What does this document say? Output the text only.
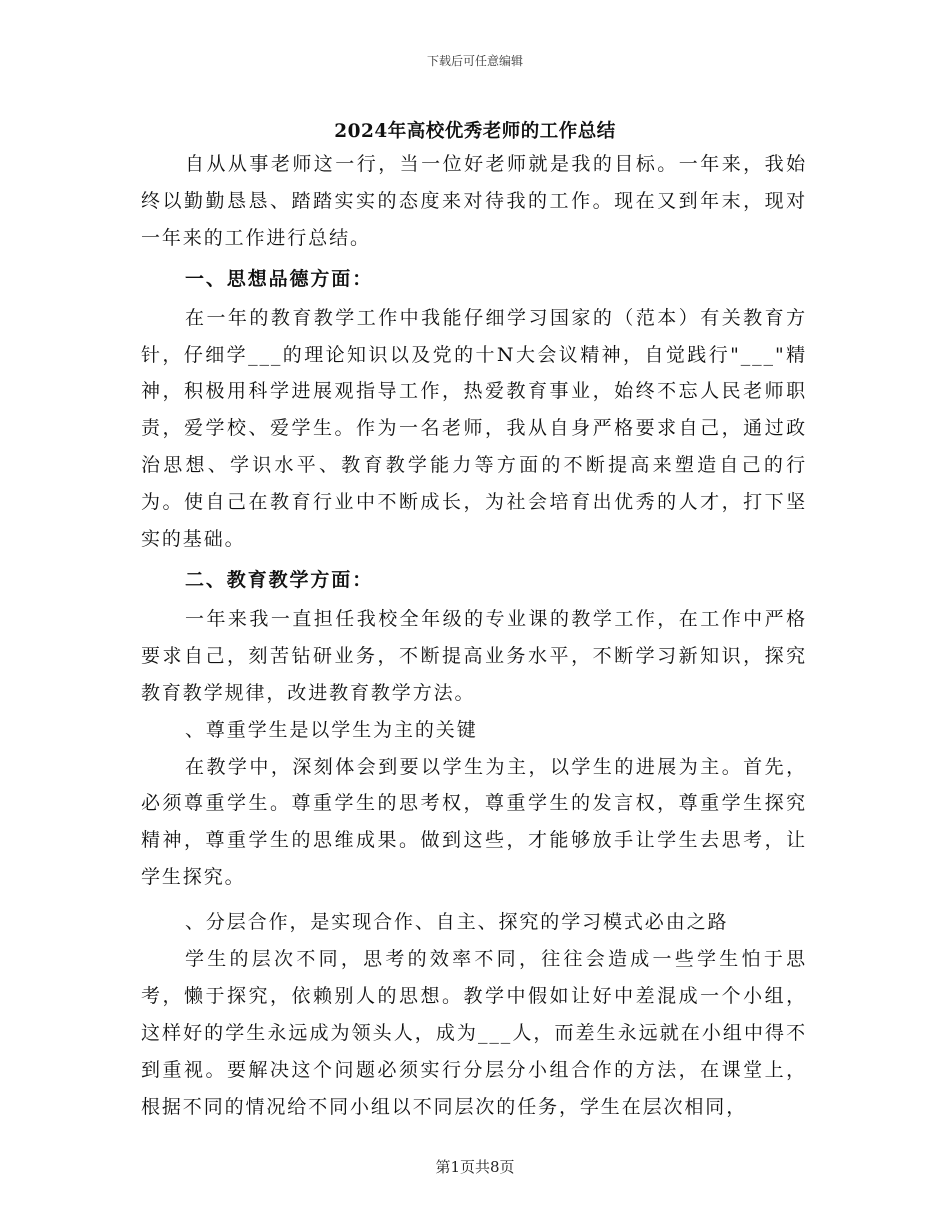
下载后可任意编辑
2024年高校优秀老师的工作总结

自从从事老师这一行，当一位好老师就是我的目标。一年来，我始终以勤勤恳恳、踏踏实实的态度来对待我的工作。现在又到年末，现对一年来的工作进行总结。

一、思想品德方面：

在一年的教育教学工作中我能仔细学习国家的（范本）有关教育方针，仔细学___的理论知识以及党的十N大会议精神，自觉践行"___"精神，积极用科学进展观指导工作，热爱教育事业，始终不忘人民老师职责，爱学校、爱学生。作为一名老师，我从自身严格要求自己，通过政治思想、学识水平、教育教学能力等方面的不断提高来塑造自己的行为。使自己在教育行业中不断成长，为社会培育出优秀的人才，打下坚实的基础。

二、教育教学方面：

一年来我一直担任我校全年级的专业课的教学工作，在工作中严格要求自己，刻苦钻研业务，不断提高业务水平，不断学习新知识，探究教育教学规律，改进教育教学方法。

、尊重学生是以学生为主的关键

在教学中，深刻体会到要以学生为主，以学生的进展为主。首先，必须尊重学生。尊重学生的思考权，尊重学生的发言权，尊重学生探究精神，尊重学生的思维成果。做到这些，才能够放手让学生去思考，让学生探究。

、分层合作，是实现合作、自主、探究的学习模式必由之路

学生的层次不同，思考的效率不同，往往会造成一些学生怕于思考，懒于探究，依赖别人的思想。教学中假如让好中差混成一个小组，这样好的学生永远成为领头人，成为___人，而差生永远就在小组中得不到重视。要解决这个问题必须实行分层分小组合作的方法，在课堂上，根据不同的情况给不同小组以不同层次的任务，学生在层次相同，

第1页共8页
